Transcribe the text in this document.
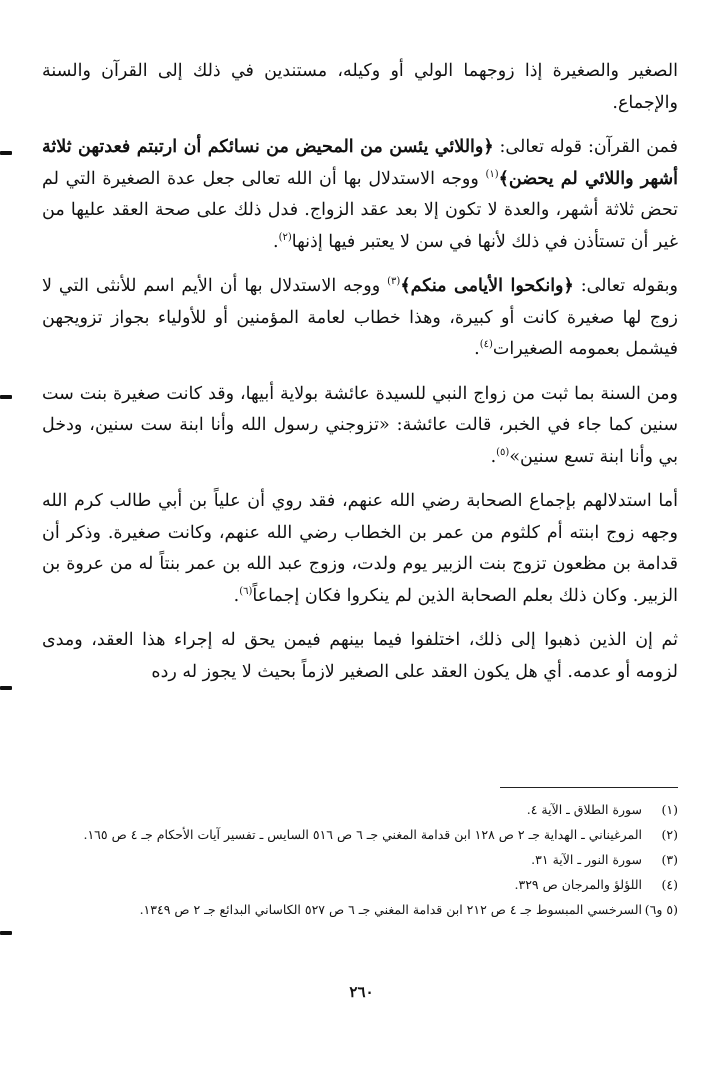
الصغير والصغيرة إذا زوجهما الولي أو وكيله، مستندين في ذلك إلى القرآن والسنة والإجماع.

فمن القرآن: قوله تعالى: ﴿واللائي يئسن من المحيض من نسائكم أن ارتبتم فعدتهن ثلاثة أشهر واللائي لم يحضن﴾$^{(١)}$ ووجه الاستدلال بها أن الله تعالى جعل عدة الصغيرة التي لم تحض ثلاثة أشهر، والعدة لا تكون إلا بعد عقد الزواج. فدل ذلك على صحة العقد عليها من غير أن تستأذن في ذلك لأنها في سن لا يعتبر فيها إذنها$^{(٢)}$.

وبقوله تعالى: ﴿وانكحوا الأيامى منكم﴾$^{(٣)}$ ووجه الاستدلال بها أن الأيم اسم للأنثى التي لا زوج لها صغيرة كانت أو كبيرة، وهذا خطاب لعامة المؤمنين أو للأولياء بجواز تزويجهن فيشمل بعمومه الصغيرات$^{(٤)}$.

ومن السنة بما ثبت من زواج النبي للسيدة عائشة بولاية أبيها، وقد كانت صغيرة بنت ست سنين كما جاء في الخبر، قالت عائشة: «تزوجني رسول الله وأنا ابنة ست سنين، ودخل بي وأنا ابنة تسع سنين»$^{(٥)}$.

أما استدلالهم بإجماع الصحابة رضي الله عنهم، فقد روي أن علياً بن أبي طالب كرم الله وجهه زوج ابنته أم كلثوم من عمر بن الخطاب رضي الله عنهم، وكانت صغيرة. وذكر أن قدامة بن مظعون تزوج بنت الزبير يوم ولدت، وزوج عبد الله بن عمر بنتاً له من عروة بن الزبير. وكان ذلك بعلم الصحابة الذين لم ينكروا فكان إجماعاً$^{(٦)}$.

ثم إن الذين ذهبوا إلى ذلك، اختلفوا فيما بينهم فيمن يحق له إجراء هذا العقد، ومدى لزومه أو عدمه. أي هل يكون العقد على الصغير لازماً بحيث لا يجوز له رده

(١)
سورة الطلاق ـ الآية ٤.
(٢)
المرغيناني ـ الهداية جـ ٢ ص ١٢٨ ابن قدامة المغني جـ ٦ ص ٥١٦ السايس ـ تفسير آيات الأحكام جـ ٤ ص ١٦٥.
(٣)
سورة النور ـ الآية ٣١.
(٤)
اللؤلؤ والمرجان ص ٣٢٩.
(٥ و٦)
السرخسي المبسوط جـ ٤ ص ٢١٢ ابن قدامة المغني جـ ٦ ص ٥٢٧ الكاساني البدائع جـ ٢ ص ١٣٤٩.
٢٦٠
